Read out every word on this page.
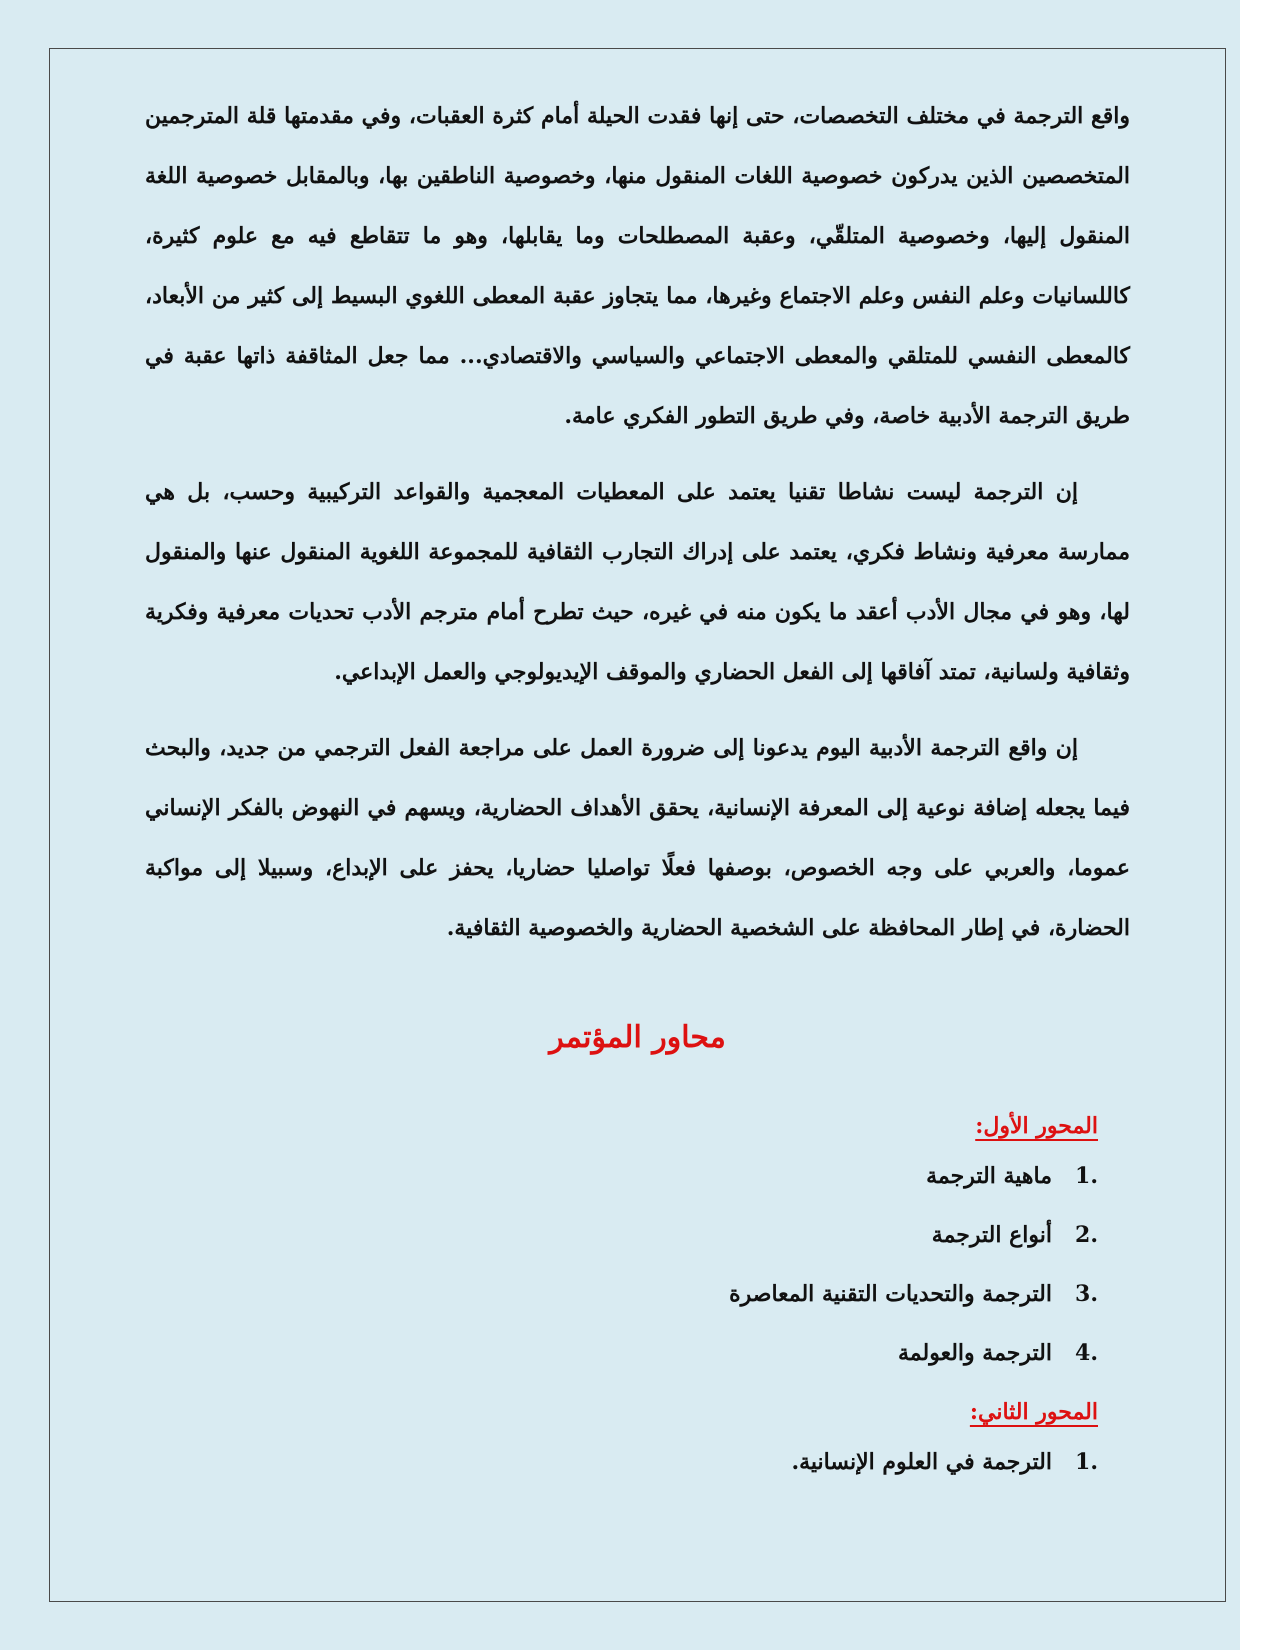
واقع الترجمة في مختلف التخصصات، حتى إنها فقدت الحيلة أمام كثرة العقبات، وفي مقدمتها قلة المترجمين المتخصصين الذين يدركون خصوصية اللغات المنقول منها، وخصوصية الناطقين بها، وبالمقابل خصوصية اللغة المنقول إليها، وخصوصية المتلقّي، وعقبة المصطلحات وما يقابلها، وهو ما تتقاطع فيه مع علوم كثيرة، كاللسانيات وعلم النفس وعلم الاجتماع وغيرها، مما يتجاوز عقبة المعطى اللغوي البسيط إلى كثير من الأبعاد، كالمعطى النفسي للمتلقي والمعطى الاجتماعي والسياسي والاقتصادي... مما جعل المثاقفة ذاتها عقبة في طريق الترجمة الأدبية خاصة، وفي طريق التطور الفكري عامة.

إن الترجمة ليست نشاطا تقنيا يعتمد على المعطيات المعجمية والقواعد التركيبية وحسب، بل هي ممارسة معرفية ونشاط فكري، يعتمد على إدراك التجارب الثقافية للمجموعة اللغوية المنقول عنها والمنقول لها، وهو في مجال الأدب أعقد ما يكون منه في غيره، حيث تطرح أمام مترجم الأدب تحديات معرفية وفكرية وثقافية ولسانية، تمتد آفاقها إلى الفعل الحضاري والموقف الإيديولوجي والعمل الإبداعي.

إن واقع الترجمة الأدبية اليوم يدعونا إلى ضرورة العمل على مراجعة الفعل الترجمي من جديد، والبحث فيما يجعله إضافة نوعية إلى المعرفة الإنسانية، يحقق الأهداف الحضارية، ويسهم في النهوض بالفكر الإنساني عموما، والعربي على وجه الخصوص، بوصفها فعلًا تواصليا حضاريا، يحفز على الإبداع، وسبيلا إلى مواكبة الحضارة، في إطار المحافظة على الشخصية الحضارية والخصوصية الثقافية.

محاور المؤتمر
المحور الأول:
1.
ماهية الترجمة
2.
أنواع الترجمة
3.
الترجمة والتحديات التقنية المعاصرة
4.
الترجمة والعولمة
المحور الثاني:
1.
الترجمة في العلوم الإنسانية.
